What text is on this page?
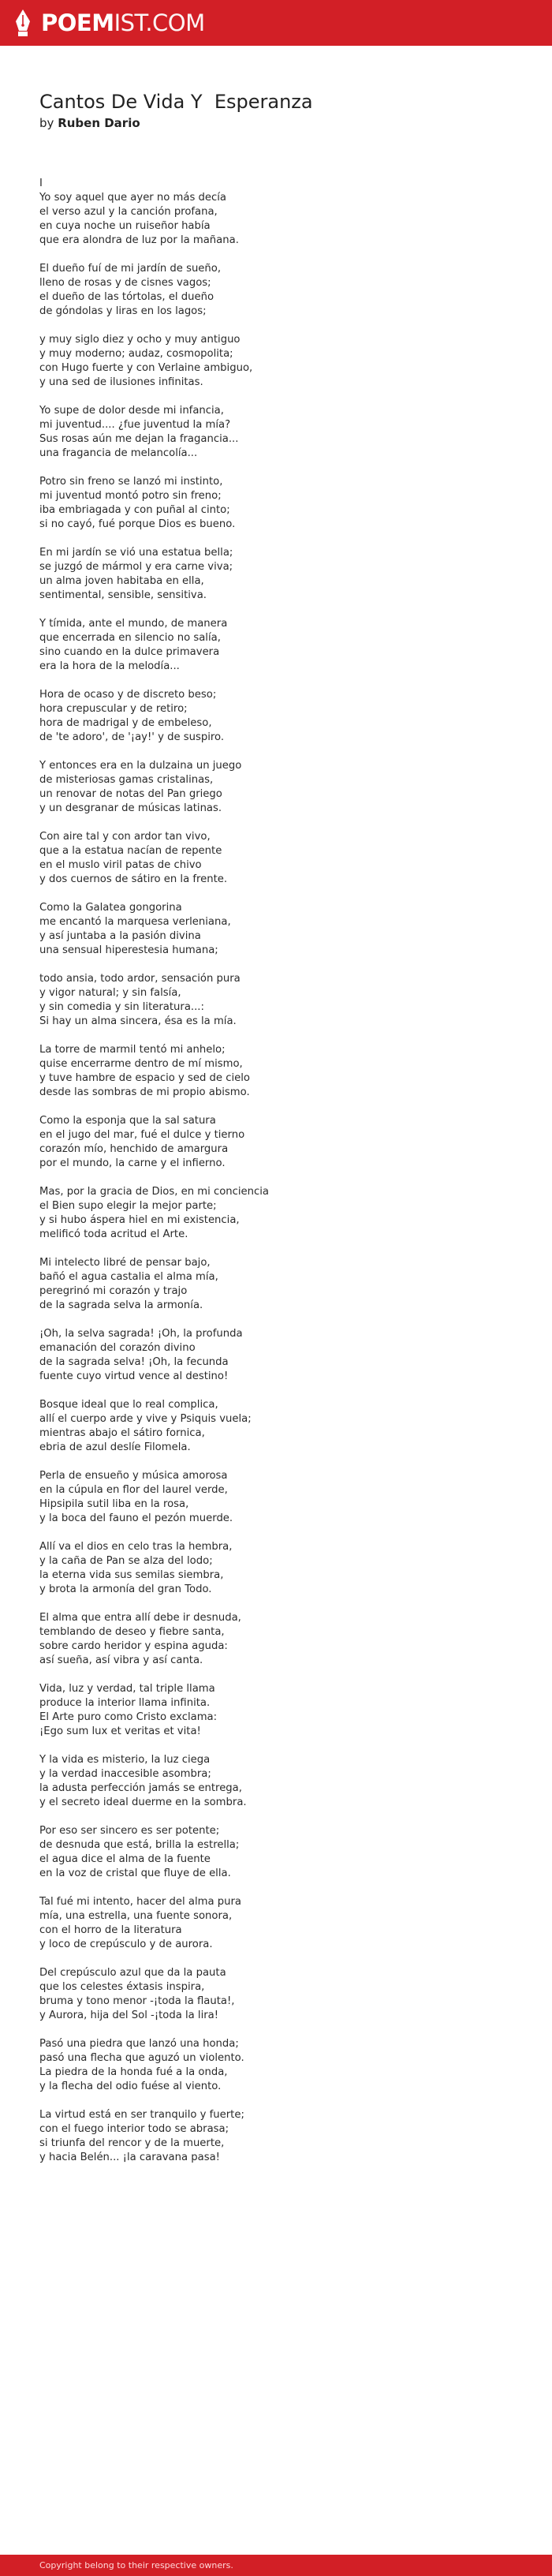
POEMIST.COM
Cantos De Vida Y  Esperanza
by Ruben Dario
I
Yo soy aquel que ayer no más decía
el verso azul y la canción profana,
en cuya noche un ruiseñor había
que era alondra de luz por la mañana.
El dueño fuí de mi jardín de sueño,
lleno de rosas y de cisnes vagos;
el dueño de las tórtolas, el dueño
de góndolas y liras en los lagos;
y muy siglo diez y ocho y muy antiguo
y muy moderno; audaz, cosmopolita;
con Hugo fuerte y con Verlaine ambiguo,
y una sed de ilusiones infinitas.
Yo supe de dolor desde mi infancia,
mi juventud.... ¿fue juventud la mía?
Sus rosas aún me dejan la fragancia...
una fragancia de melancolía...
Potro sin freno se lanzó mi instinto,
mi juventud montó potro sin freno;
iba embriagada y con puñal al cinto;
si no cayó, fué porque Dios es bueno.
En mi jardín se vió una estatua bella;
se juzgó de mármol y era carne viva;
un alma joven habitaba en ella,
sentimental, sensible, sensitiva.
Y tímida, ante el mundo, de manera
que encerrada en silencio no salía,
sino cuando en la dulce primavera
era la hora de la melodía...
Hora de ocaso y de discreto beso;
hora crepuscular y de retiro;
hora de madrigal y de embeleso,
de 'te adoro', de '¡ay!' y de suspiro.
Y entonces era en la dulzaina un juego
de misteriosas gamas cristalinas,
un renovar de notas del Pan griego
y un desgranar de músicas latinas.
Con aire tal y con ardor tan vivo,
que a la estatua nacían de repente
en el muslo viril patas de chivo
y dos cuernos de sátiro en la frente.
Como la Galatea gongorina
me encantó la marquesa verleniana,
y así juntaba a la pasión divina
una sensual hiperestesia humana;
todo ansia, todo ardor, sensación pura
y vigor natural; y sin falsía,
y sin comedia y sin literatura...:
Si hay un alma sincera, ésa es la mía.
La torre de marmil tentó mi anhelo;
quise encerrarme dentro de mí mismo,
y tuve hambre de espacio y sed de cielo
desde las sombras de mi propio abismo.
Como la esponja que la sal satura
en el jugo del mar, fué el dulce y tierno
corazón mío, henchido de amargura
por el mundo, la carne y el infierno.
Mas, por la gracia de Dios, en mi conciencia
el Bien supo elegir la mejor parte;
y si hubo áspera hiel en mi existencia,
melificó toda acritud el Arte.
Mi intelecto libré de pensar bajo,
bañó el agua castalia el alma mía,
peregrinó mi corazón y trajo
de la sagrada selva la armonía.
¡Oh, la selva sagrada! ¡Oh, la profunda
emanación del corazón divino
de la sagrada selva! ¡Oh, la fecunda
fuente cuyo virtud vence al destino!
Bosque ideal que lo real complica,
allí el cuerpo arde y vive y Psiquis vuela;
mientras abajo el sátiro fornica,
ebria de azul deslíe Filomela.
Perla de ensueño y música amorosa
en la cúpula en flor del laurel verde,
Hipsipila sutil liba en la rosa,
y la boca del fauno el pezón muerde.
Allí va el dios en celo tras la hembra,
y la caña de Pan se alza del lodo;
la eterna vida sus semilas siembra,
y brota la armonía del gran Todo.
El alma que entra allí debe ir desnuda,
temblando de deseo y fiebre santa,
sobre cardo heridor y espina aguda:
así sueña, así vibra y así canta.
Vida, luz y verdad, tal triple llama
produce la interior llama infinita.
El Arte puro como Cristo exclama:
¡Ego sum lux et veritas et vita!
Y la vida es misterio, la luz ciega
y la verdad inaccesible asombra;
la adusta perfección jamás se entrega,
y el secreto ideal duerme en la sombra.
Por eso ser sincero es ser potente;
de desnuda que está, brilla la estrella;
el agua dice el alma de la fuente
en la voz de cristal que fluye de ella.
Tal fué mi intento, hacer del alma pura
mía, una estrella, una fuente sonora,
con el horro de la literatura
y loco de crepúsculo y de aurora.
Del crepúsculo azul que da la pauta
que los celestes éxtasis inspira,
bruma y tono menor -¡toda la flauta!,
y Aurora, hija del Sol -¡toda la lira!
Pasó una piedra que lanzó una honda;
pasó una flecha que aguzó un violento.
La piedra de la honda fué a la onda,
y la flecha del odio fuése al viento.
La virtud está en ser tranquilo y fuerte;
con el fuego interior todo se abrasa;
si triunfa del rencor y de la muerte,
y hacia Belén... ¡la caravana pasa!
Copyright belong to their respective owners.
